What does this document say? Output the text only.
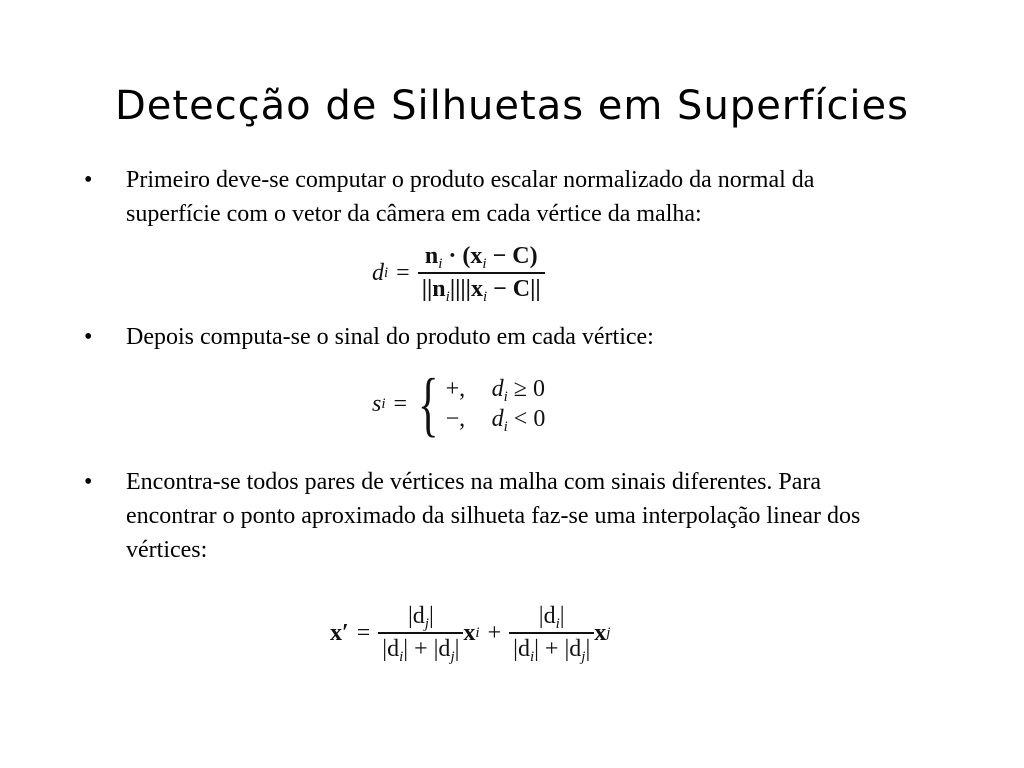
Detecção de Silhuetas em Superfícies
•	Primeiro deve-se computar o produto escalar normalizado da normal da superfície com o vetor da câmera em cada vértice da malha:
d $i = \frac{n_i \cdot (x_i - C)}{||n_i||||x_i - C||}$
•	Depois computa-se o sinal do produto em cada vértice:
s i = { +, $d_i \ge 0$
−, $d_i < 0$
•	Encontra-se todos pares de vértices na malha com sinais diferentes. Para encontrar o ponto aproximado da silhueta faz-se uma interpolação linear dos vértices:
$x' = \frac{|d_j|}{|d_i| + |d_j|}$ x $i + \frac{|d_i|}{|d_i| + |d_j|}$ x j
